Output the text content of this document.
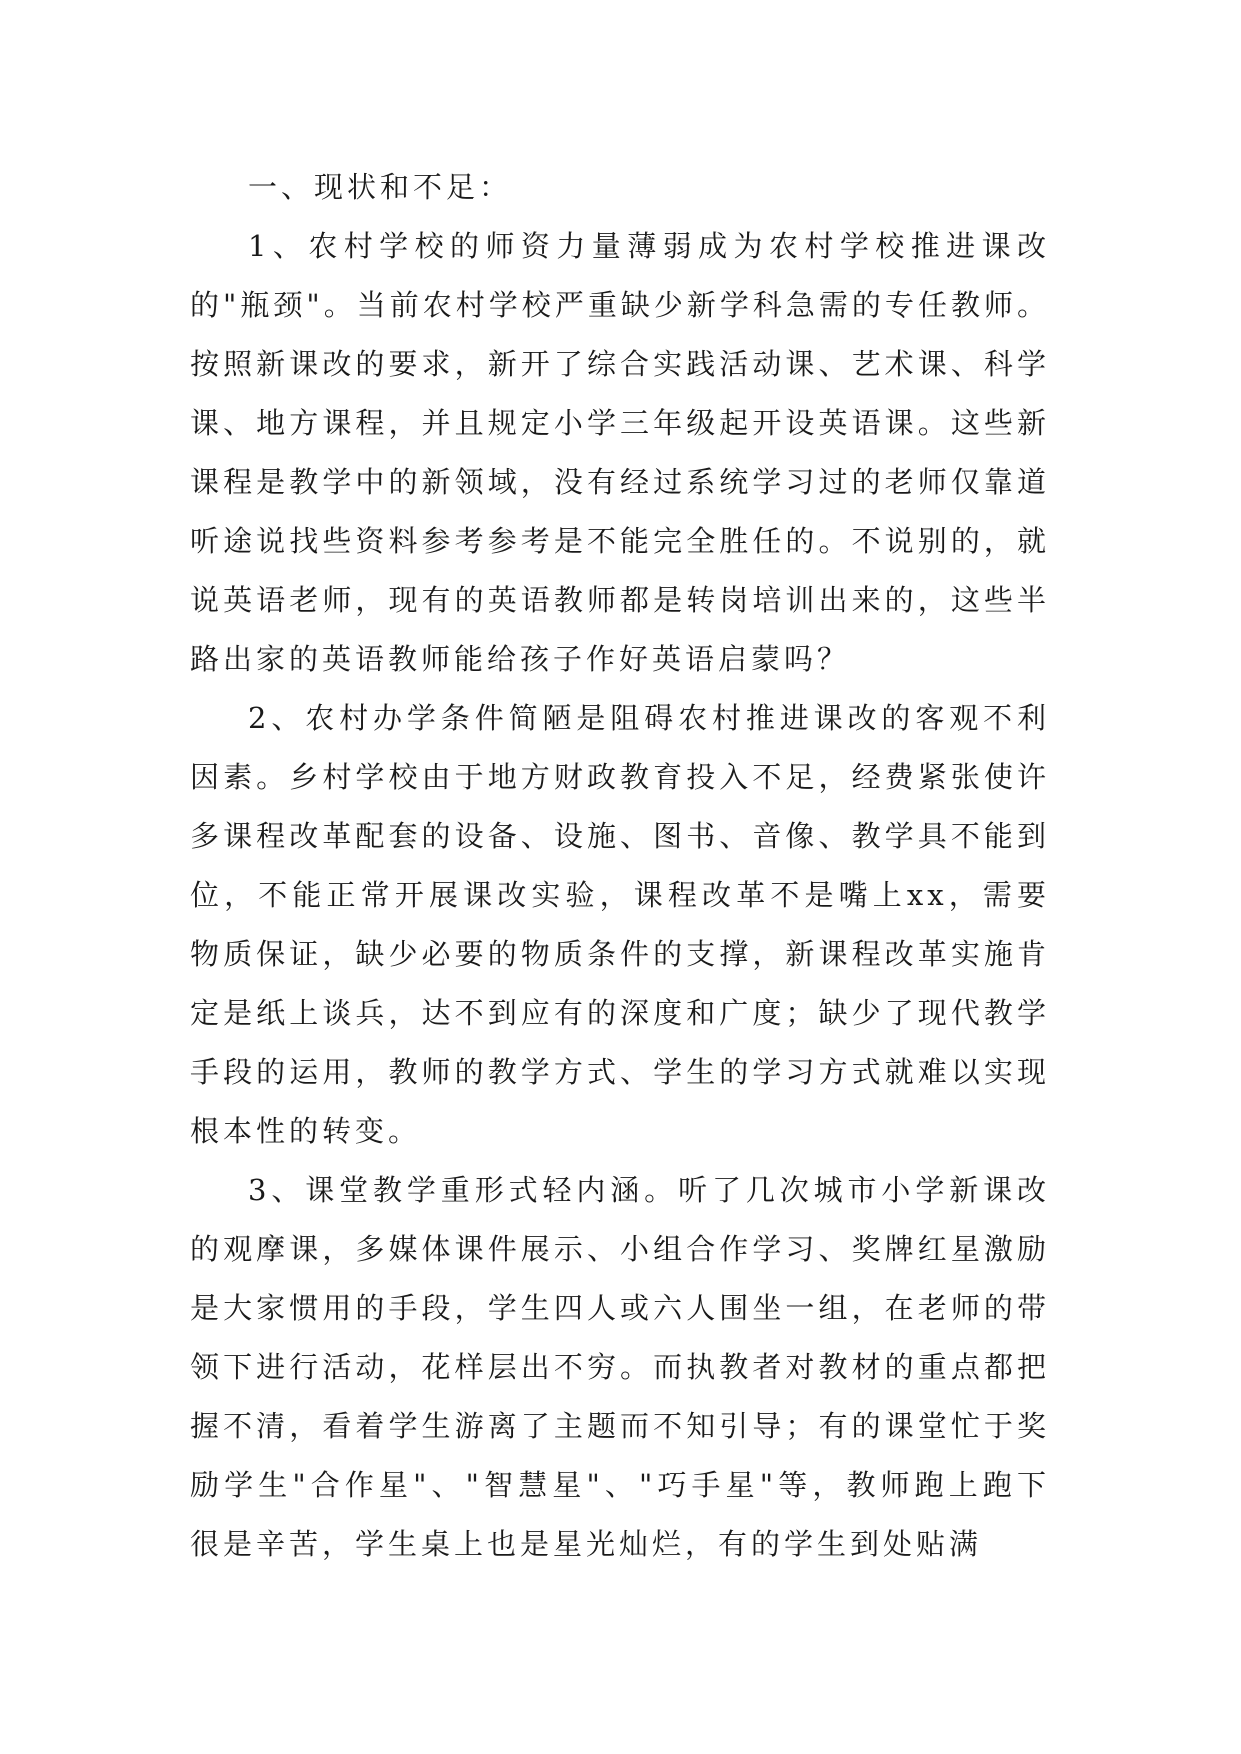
一、现状和不足：

1、农村学校的师资力量薄弱成为农村学校推进课改的"瓶颈"。当前农村学校严重缺少新学科急需的专任教师。按照新课改的要求，新开了综合实践活动课、艺术课、科学课、地方课程，并且规定小学三年级起开设英语课。这些新课程是教学中的新领域，没有经过系统学习过的老师仅靠道听途说找些资料参考参考是不能完全胜任的。不说别的，就说英语老师，现有的英语教师都是转岗培训出来的，这些半路出家的英语教师能给孩子作好英语启蒙吗？

2、农村办学条件简陋是阻碍农村推进课改的客观不利因素。乡村学校由于地方财政教育投入不足，经费紧张使许多课程改革配套的设备、设施、图书、音像、教学具不能到位，不能正常开展课改实验，课程改革不是嘴上xx，需要物质保证，缺少必要的物质条件的支撑，新课程改革实施肯定是纸上谈兵，达不到应有的深度和广度；缺少了现代教学手段的运用，教师的教学方式、学生的学习方式就难以实现根本性的转变。

3、课堂教学重形式轻内涵。听了几次城市小学新课改的观摩课，多媒体课件展示、小组合作学习、奖牌红星激励是大家惯用的手段，学生四人或六人围坐一组，在老师的带领下进行活动，花样层出不穷。而执教者对教材的重点都把握不清，看着学生游离了主题而不知引导；有的课堂忙于奖励学生"合作星"、"智慧星"、"巧手星"等，教师跑上跑下很是辛苦，学生桌上也是星光灿烂，有的学生到处贴满
